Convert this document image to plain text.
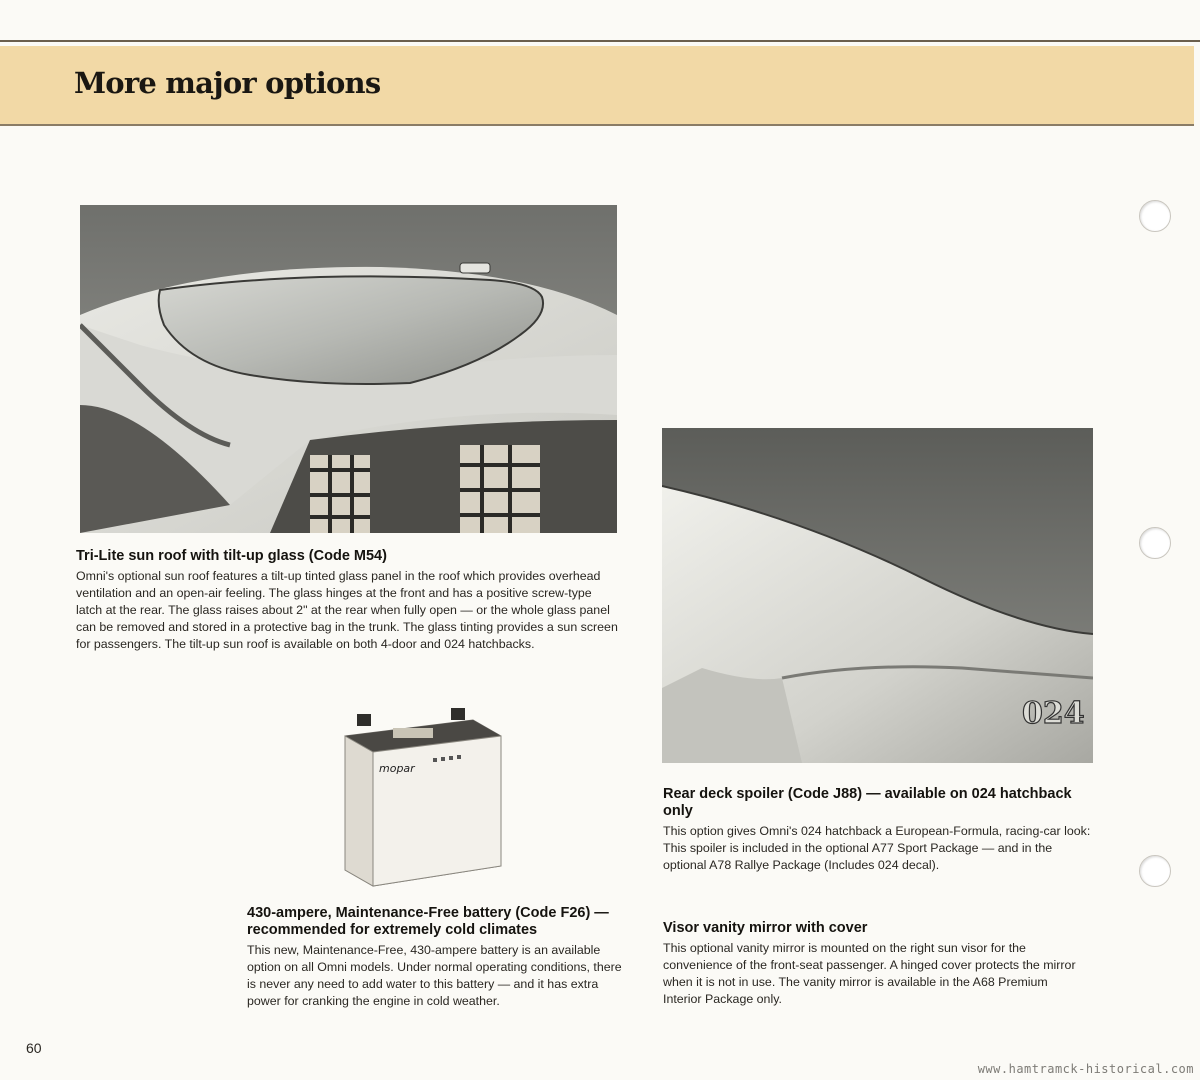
More major options
Tri-Lite sun roof with tilt-up glass (Code M54)

Omni's optional sun roof features a tilt-up tinted glass panel in the roof which provides overhead ventilation and an open-air feeling. The glass hinges at the front and has a positive screw-type latch at the rear. The glass raises about 2" at the rear when fully open — or the whole glass panel can be removed and stored in a protective bag in the trunk. The glass tinting provides a sun screen for passengers. The tilt-up sun roof is available on both 4-door and 024 hatchbacks.

mopar
430-ampere, Maintenance-Free battery (Code F26) — recommended for extremely cold climates

This new, Maintenance-Free, 430-ampere battery is an available option on all Omni models. Under normal operating conditions, there is never any need to add water to this battery — and it has extra power for cranking the engine in cold weather.

024
Rear deck spoiler (Code J88) — available on 024 hatchback only

This option gives Omni's 024 hatchback a European-Formula, racing-car look: This spoiler is included in the optional A77 Sport Package — and in the optional A78 Rallye Package (Includes 024 decal).

Visor vanity mirror with cover

This optional vanity mirror is mounted on the right sun visor for the convenience of the front-seat passenger. A hinged cover protects the mirror when it is not in use. The vanity mirror is available in the A68 Premium Interior Package only.

60
www.hamtramck-historical.com
